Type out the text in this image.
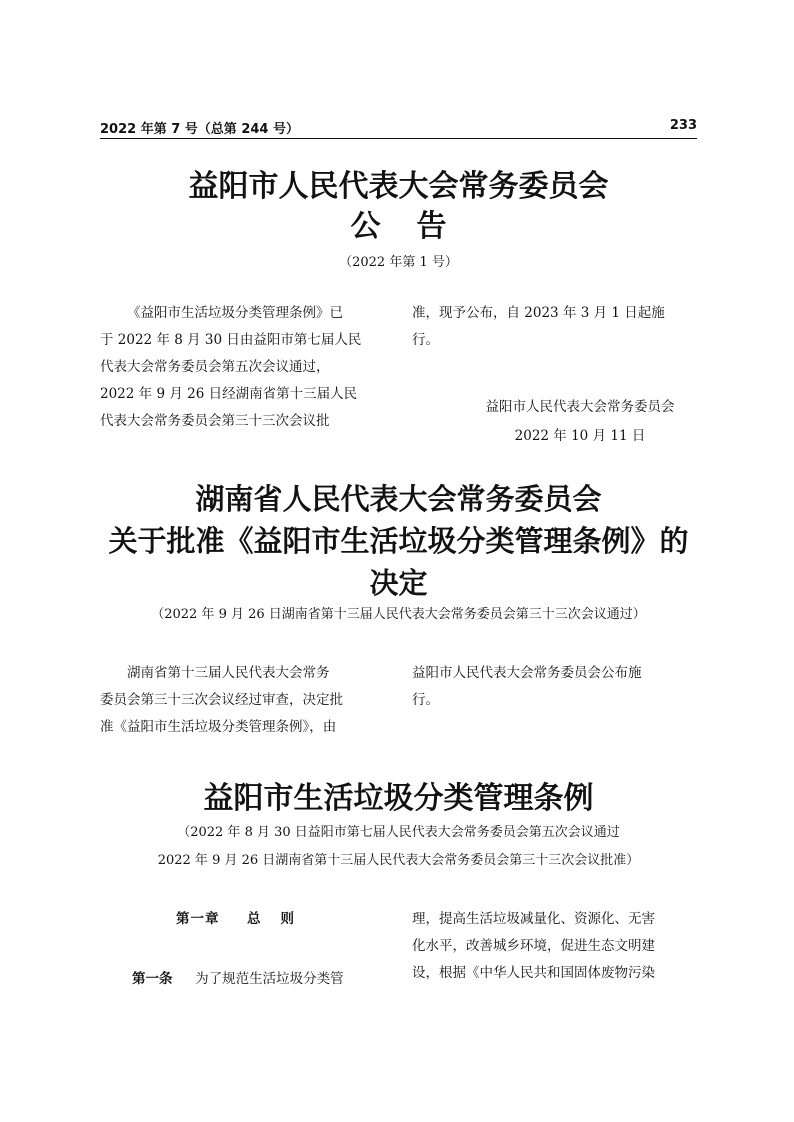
2022 年第 7 号（总第 244 号）	233
益阳市人民代表大会常务委员会
公告
（2022 年第 1 号）
《益阳市生活垃圾分类管理条例》已
于 2022 年 8 月 30 日由益阳市第七届人民
代表大会常务委员会第五次会议通过，
2022 年 9 月 26 日经湖南省第十三届人民
代表大会常务委员会第三十三次会议批
准，现予公布，自 2023 年 3 月 1 日起施
行。
益阳市人民代表大会常务委员会
2022 年 10 月 11 日
湖南省人民代表大会常务委员会
关于批准《益阳市生活垃圾分类管理条例》的
决定
（2022 年 9 月 26 日湖南省第十三届人民代表大会常务委员会第三十三次会议通过）
湖南省第十三届人民代表大会常务
委员会第三十三次会议经过审查，决定批
准《益阳市生活垃圾分类管理条例》，由
益阳市人民代表大会常务委员会公布施
行。
益阳市生活垃圾分类管理条例
（2022 年 8 月 30 日益阳市第七届人民代表大会常务委员会第五次会议通过
2022 年 9 月 26 日湖南省第十三届人民代表大会常务委员会第三十三次会议批准）
第一章 总则
第一条 为了规范生活垃圾分类管
理，提高生活垃圾减量化、资源化、无害
化水平，改善城乡环境，促进生态文明建
设，根据《中华人民共和国固体废物污染
